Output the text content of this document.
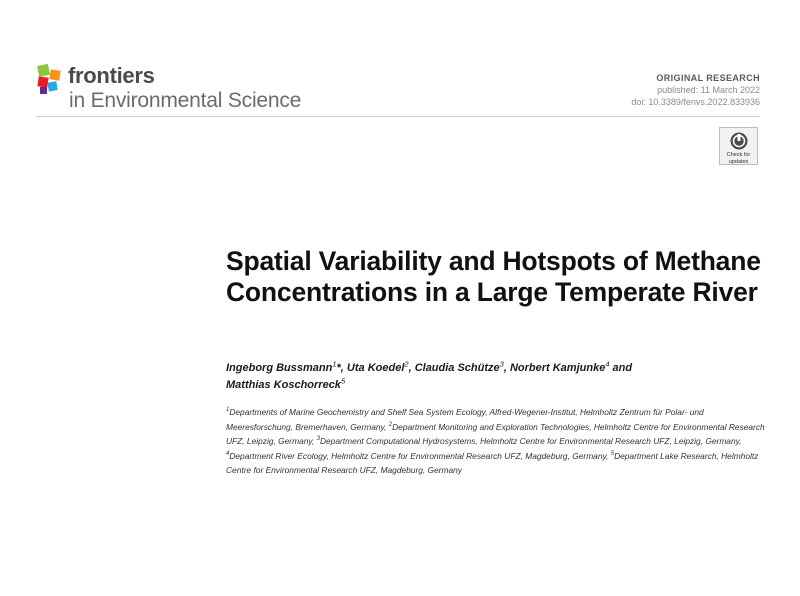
frontiers
in Environmental Science
ORIGINAL RESEARCH
published: 11 March 2022
doi: 10.3389/fenvs.2022.833936
Check for
updates
Spatial Variability and Hotspots of Methane Concentrations in a Large Temperate River
Ingeborg Bussmann$^1$*, Uta Koedel$^2$, Claudia Schütze$^3$, Norbert Kamjunke$^4$ and
Matthias Koschorreck$^5$
$^1$Departments of Marine Geochemistry and Shelf Sea System Ecology, Alfred-Wegener-Institut, Helmholtz Zentrum für Polar- und Meeresforschung, Bremerhaven, Germany, $^2$Department Monitoring and Exploration Technologies, Helmholtz Centre for Environmental Research UFZ, Leipzig, Germany, $^3$Department Computational Hydrosystems, Helmholtz Centre for Environmental Research UFZ, Leipzig, Germany, $^4$Department River Ecology, Helmholtz Centre for Environmental Research UFZ, Magdeburg, Germany, $^5$Department Lake Research, Helmholtz Centre for Environmental Research UFZ, Magdeburg, Germany
